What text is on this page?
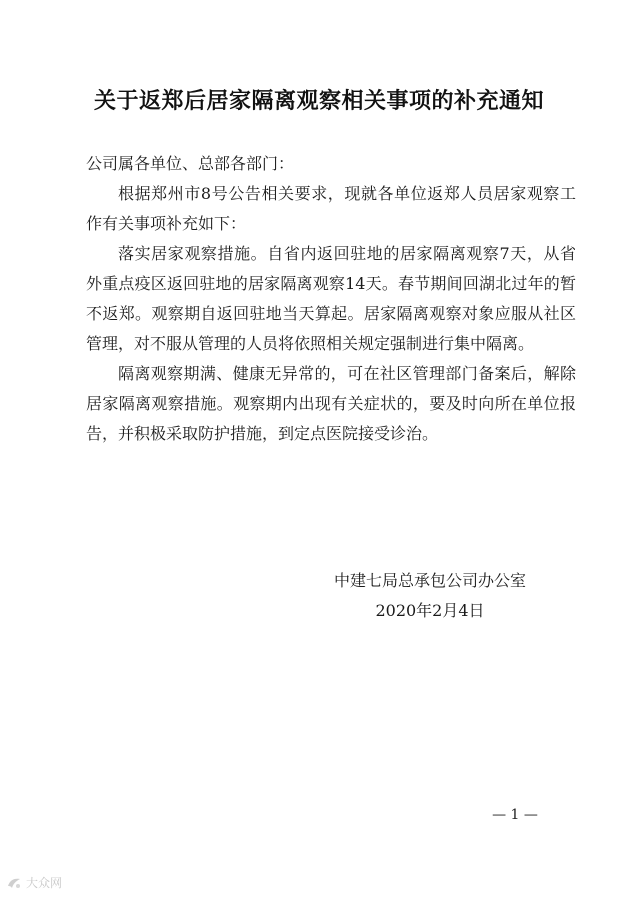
关于返郑后居家隔离观察相关事项的补充通知

公司属各单位、总部各部门：

根据郑州市8号公告相关要求，现就各单位返郑人员居家观察工作有关事项补充如下：

落实居家观察措施。自省内返回驻地的居家隔离观察7天，从省外重点疫区返回驻地的居家隔离观察14天。春节期间回湖北过年的暂不返郑。观察期自返回驻地当天算起。居家隔离观察对象应服从社区管理，对不服从管理的人员将依照相关规定强制进行集中隔离。

隔离观察期满、健康无异常的，可在社区管理部门备案后，解除居家隔离观察措施。观察期内出现有关症状的，要及时向所在单位报告，并积极采取防护措施，到定点医院接受诊治。

中建七局总承包公司办公室
2020年2月4日
— 1 —
大众网
